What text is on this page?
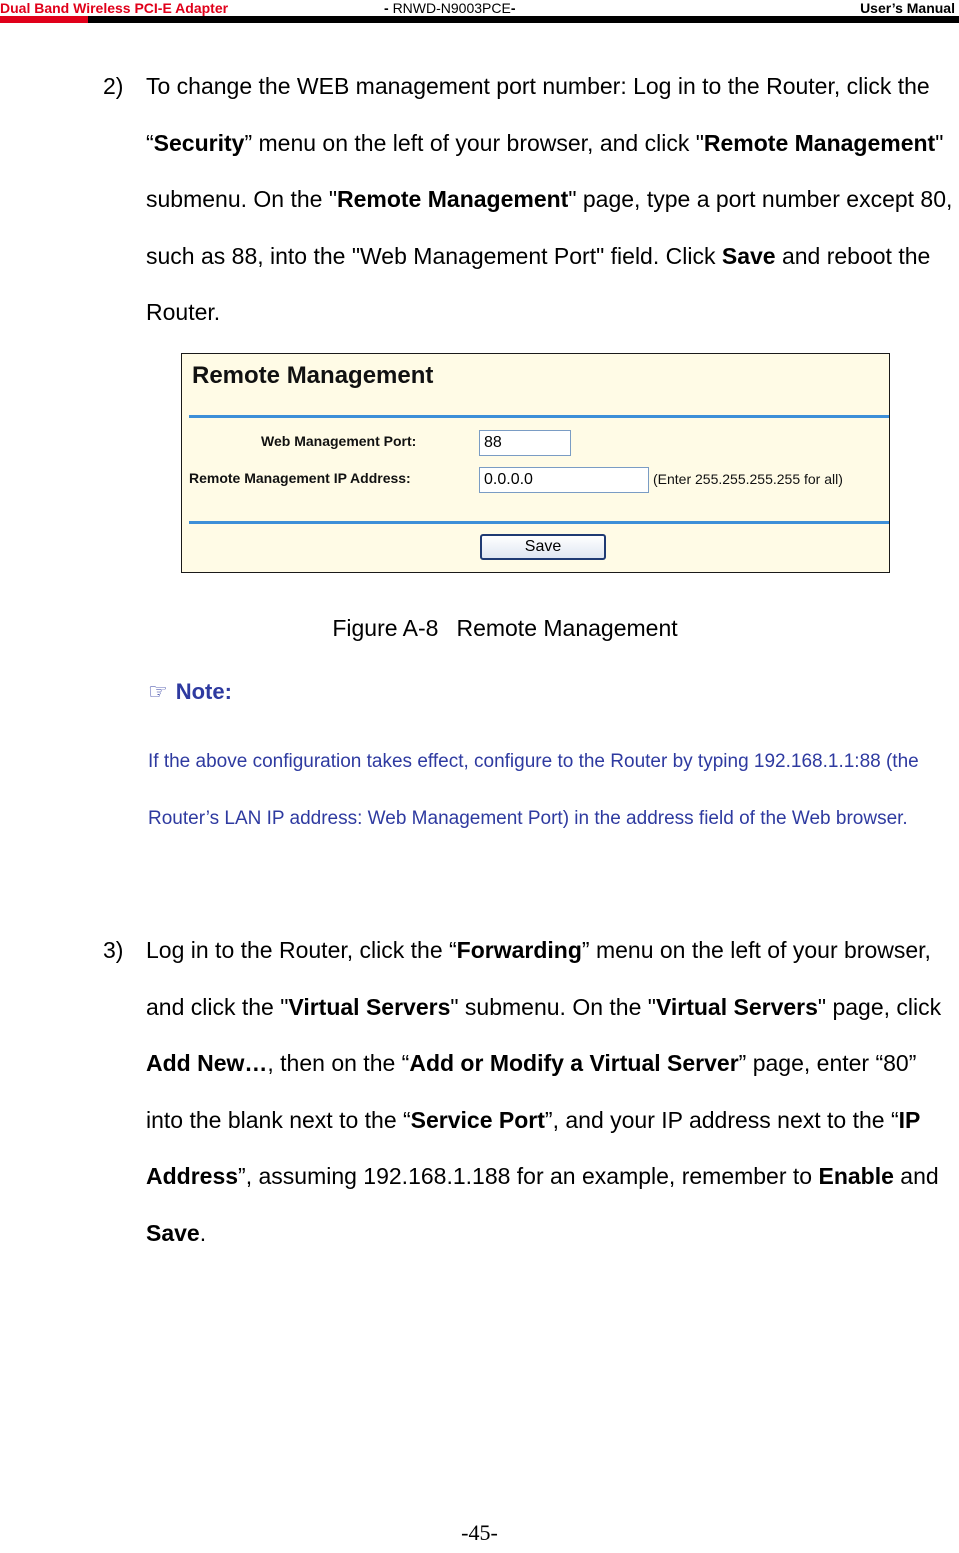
Dual Band Wireless PCI-E Adapter	- RNWD-N9003PCE-	User’s Manual
2) To change the WEB management port number: Log in to the Router, click the “Security” menu on the left of your browser, and click "Remote Management" submenu. On the "Remote Management" page, type a port number except 80, such as 88, into the "Web Management Port" field. Click Save and reboot the Router.
Remote Management
Web Management Port:	88
Remote Management IP Address:	0.0.0.0	(Enter 255.255.255.255 for all)
Save
Figure A-8 Remote Management
☞ Note:
If the above configuration takes effect, configure to the Router by typing 192.168.1.1:88 (the Router’s LAN IP address: Web Management Port) in the address field of the Web browser.
3) Log in to the Router, click the “Forwarding” menu on the left of your browser, and click the "Virtual Servers" submenu. On the "Virtual Servers" page, click Add New…, then on the “Add or Modify a Virtual Server” page, enter “80” into the blank next to the “Service Port”, and your IP address next to the “IP Address”, assuming 192.168.1.188 for an example, remember to Enable and Save.
-45-
